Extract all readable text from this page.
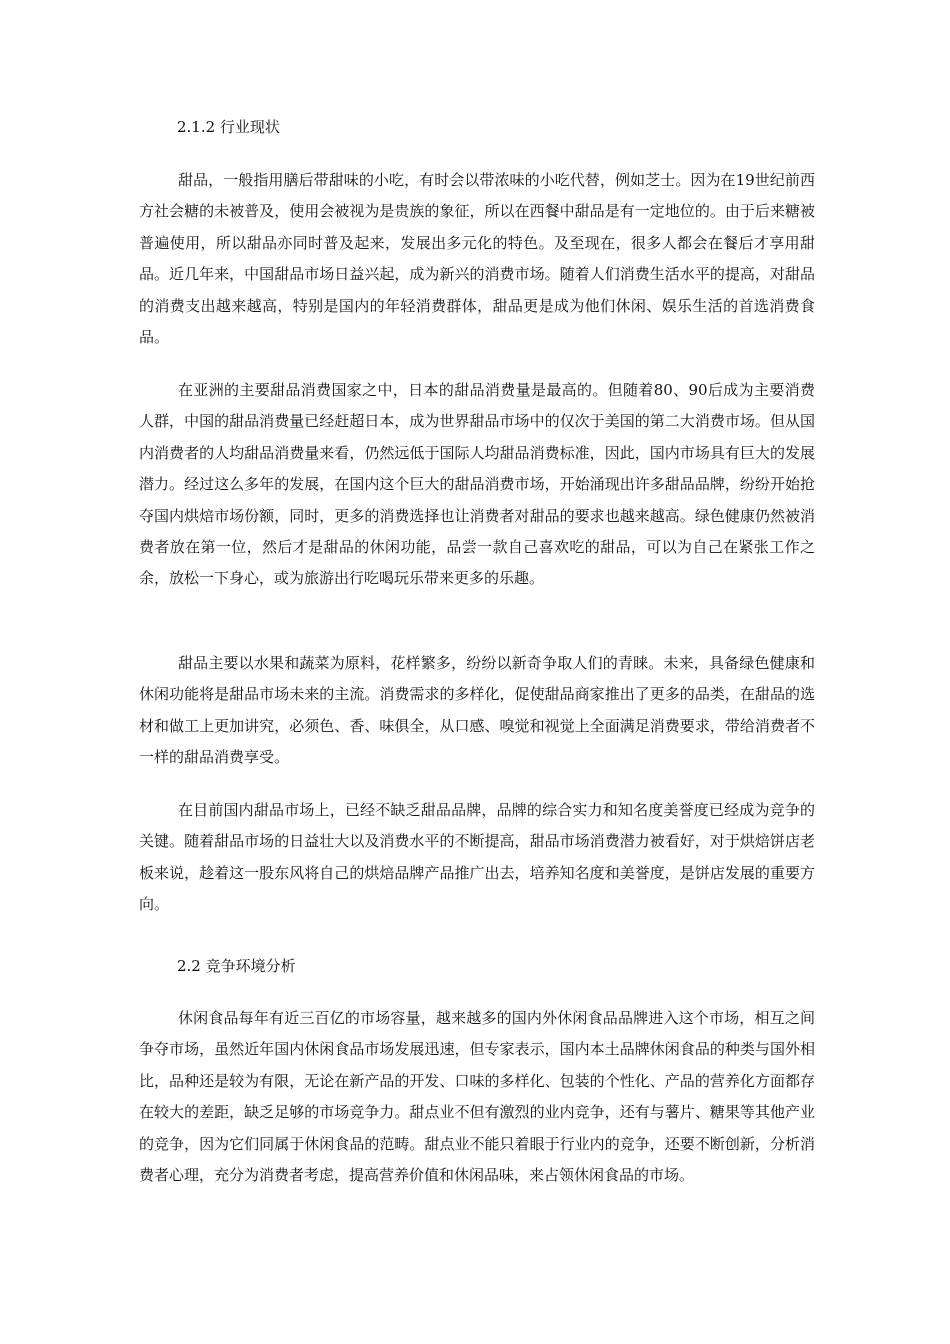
2.1.2 行业现状

甜品，一般指用膳后带甜味的小吃，有时会以带浓味的小吃代替，例如芝士。因为在19世纪前西方社会糖的未被普及，使用会被视为是贵族的象征，所以在西餐中甜品是有一定地位的。由于后来糖被普遍使用，所以甜品亦同时普及起来，发展出多元化的特色。及至现在，很多人都会在餐后才享用甜品。近几年来，中国甜品市场日益兴起，成为新兴的消费市场。随着人们消费生活水平的提高，对甜品的消费支出越来越高，特别是国内的年轻消费群体，甜品更是成为他们休闲、娱乐生活的首选消费食品。

在亚洲的主要甜品消费国家之中，日本的甜品消费量是最高的。但随着80、90后成为主要消费人群，中国的甜品消费量已经赶超日本，成为世界甜品市场中的仅次于美国的第二大消费市场。但从国内消费者的人均甜品消费量来看，仍然远低于国际人均甜品消费标准，因此，国内市场具有巨大的发展潜力。经过这么多年的发展，在国内这个巨大的甜品消费市场，开始涌现出许多甜品品牌，纷纷开始抢夺国内烘焙市场份额，同时，更多的消费选择也让消费者对甜品的要求也越来越高。绿色健康仍然被消费者放在第一位，然后才是甜品的休闲功能，品尝一款自己喜欢吃的甜品，可以为自己在紧张工作之余，放松一下身心，或为旅游出行吃喝玩乐带来更多的乐趣。

甜品主要以水果和蔬菜为原料，花样繁多，纷纷以新奇争取人们的青睐。未来，具备绿色健康和休闲功能将是甜品市场未来的主流。消费需求的多样化，促使甜品商家推出了更多的品类，在甜品的选材和做工上更加讲究，必须色、香、味俱全，从口感、嗅觉和视觉上全面满足消费要求，带给消费者不一样的甜品消费享受。

在目前国内甜品市场上，已经不缺乏甜品品牌，品牌的综合实力和知名度美誉度已经成为竞争的关键。随着甜品市场的日益壮大以及消费水平的不断提高，甜品市场消费潜力被看好，对于烘焙饼店老板来说，趁着这一股东风将自己的烘焙品牌产品推广出去，培养知名度和美誉度，是饼店发展的重要方向。

2.2 竞争环境分析

休闲食品每年有近三百亿的市场容量，越来越多的国内外休闲食品品牌进入这个市场，相互之间争夺市场，虽然近年国内休闲食品市场发展迅速，但专家表示，国内本土品牌休闲食品的种类与国外相比，品种还是较为有限，无论在新产品的开发、口味的多样化、包装的个性化、产品的营养化方面都存在较大的差距，缺乏足够的市场竞争力。甜点业不但有激烈的业内竞争，还有与薯片、糖果等其他产业的竞争，因为它们同属于休闲食品的范畴。甜点业不能只着眼于行业内的竞争，还要不断创新，分析消费者心理，充分为消费者考虑，提高营养价值和休闲品味，来占领休闲食品的市场。
